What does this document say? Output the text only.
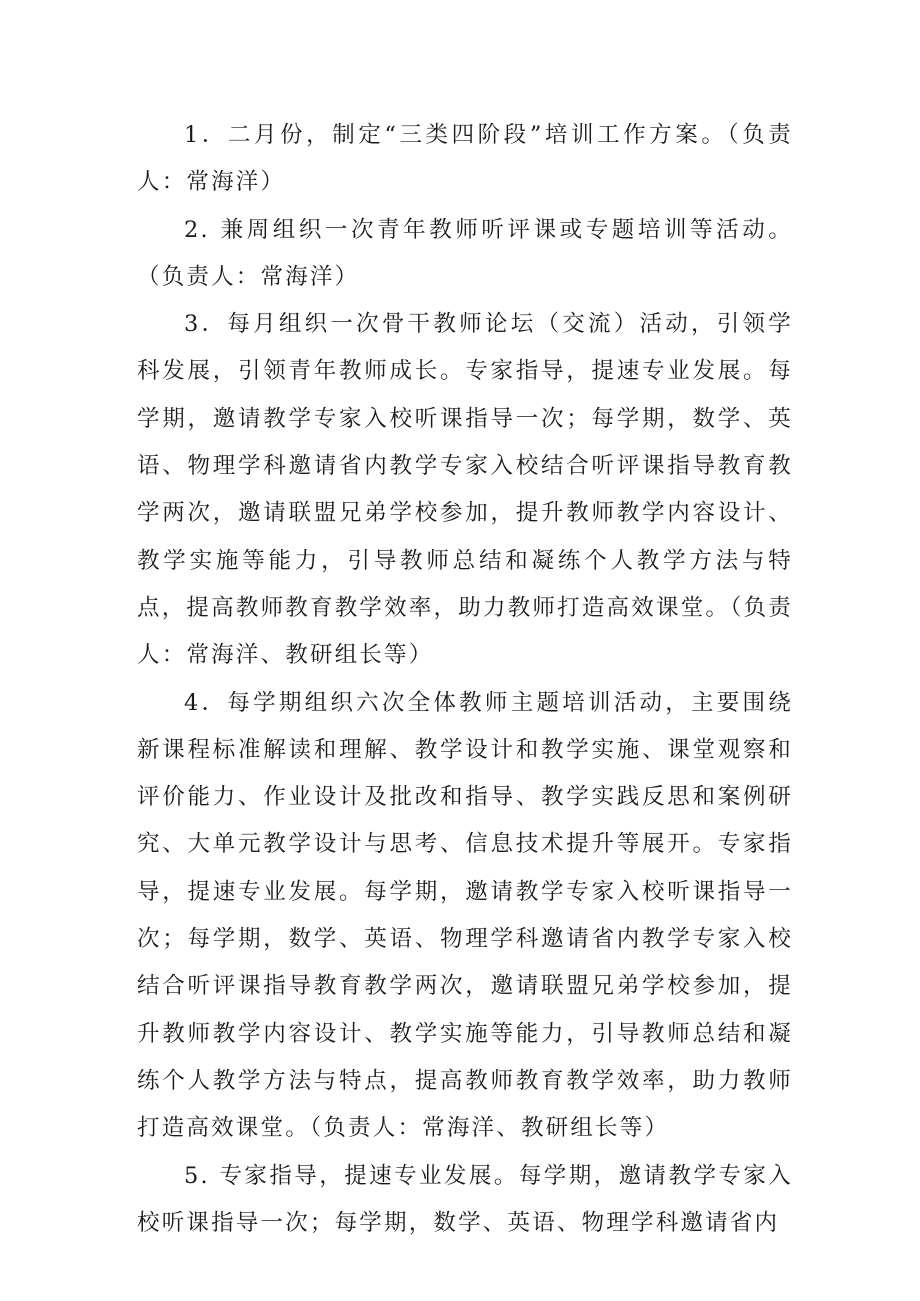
1．二月份，制定“三类四阶段”培训工作方案。（负责人：常海洋）

2. 兼周组织一次青年教师听评课或专题培训等活动。（负责人：常海洋）

3．每月组织一次骨干教师论坛（交流）活动，引领学科发展，引领青年教师成长。专家指导，提速专业发展。每学期，邀请教学专家入校听课指导一次；每学期，数学、英语、物理学科邀请省内教学专家入校结合听评课指导教育教学两次，邀请联盟兄弟学校参加，提升教师教学内容设计、教学实施等能力，引导教师总结和凝练个人教学方法与特点，提高教师教育教学效率，助力教师打造高效课堂。（负责人：常海洋、教研组长等）

4．每学期组织六次全体教师主题培训活动，主要围绕新课程标准解读和理解、教学设计和教学实施、课堂观察和评价能力、作业设计及批改和指导、教学实践反思和案例研究、大单元教学设计与思考、信息技术提升等展开。专家指导，提速专业发展。每学期，邀请教学专家入校听课指导一次；每学期，数学、英语、物理学科邀请省内教学专家入校结合听评课指导教育教学两次，邀请联盟兄弟学校参加，提升教师教学内容设计、教学实施等能力，引导教师总结和凝练个人教学方法与特点，提高教师教育教学效率，助力教师打造高效课堂。（负责人：常海洋、教研组长等）

5. 专家指导，提速专业发展。每学期，邀请教学专家入校听课指导一次；每学期，数学、英语、物理学科邀请省内
